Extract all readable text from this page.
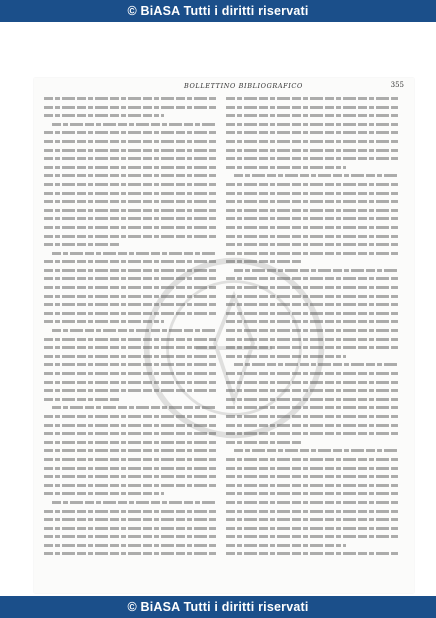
© BiASA Tutti i diritti riservati
BOLLETTINO BIBLIOGRAFICO	355
© BiASA Tutti i diritti riservati
